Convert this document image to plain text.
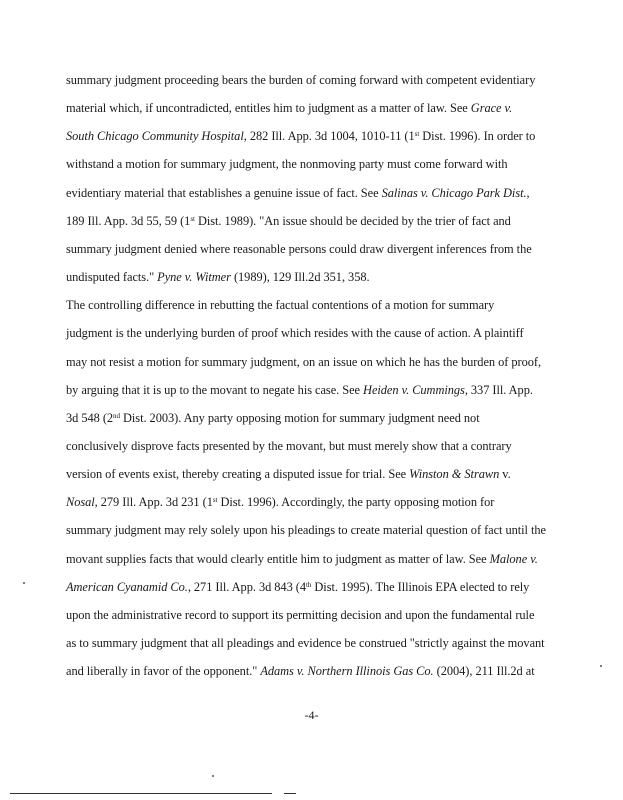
summary judgment proceeding bears the burden of coming forward with competent evidentiary
material which, if uncontradicted, entitles him to judgment as a matter of law. See Grace v.
South Chicago Community Hospital, 282 Ill. App. 3d 1004, 1010-11 (1st Dist. 1996). In order to
withstand a motion for summary judgment, the nonmoving party must come forward with
evidentiary material that establishes a genuine issue of fact. See Salinas v. Chicago Park Dist.,
189 Ill. App. 3d 55, 59 (1st Dist. 1989). "An issue should be decided by the trier of fact and
summary judgment denied where reasonable persons could draw divergent inferences from the
undisputed facts." Pyne v. Witmer (1989), 129 Ill.2d 351, 358.
The controlling difference in rebutting the factual contentions of a motion for summary
judgment is the underlying burden of proof which resides with the cause of action. A plaintiff
may not resist a motion for summary judgment, on an issue on which he has the burden of proof,
by arguing that it is up to the movant to negate his case. See Heiden v. Cummings, 337 Ill. App.
3d 548 (2nd Dist. 2003). Any party opposing motion for summary judgment need not
conclusively disprove facts presented by the movant, but must merely show that a contrary
version of events exist, thereby creating a disputed issue for trial. See Winston & Strawn v.
Nosal, 279 Ill. App. 3d 231 (1st Dist. 1996). Accordingly, the party opposing motion for
summary judgment may rely solely upon his pleadings to create material question of fact until the
movant supplies facts that would clearly entitle him to judgment as matter of law. See Malone v.
American Cyanamid Co., 271 Ill. App. 3d 843 (4th Dist. 1995). The Illinois EPA elected to rely
upon the administrative record to support its permitting decision and upon the fundamental rule
as to summary judgment that all pleadings and evidence be construed "strictly against the movant
and liberally in favor of the opponent." Adams v. Northern Illinois Gas Co. (2004), 211 Ill.2d at
-4-
